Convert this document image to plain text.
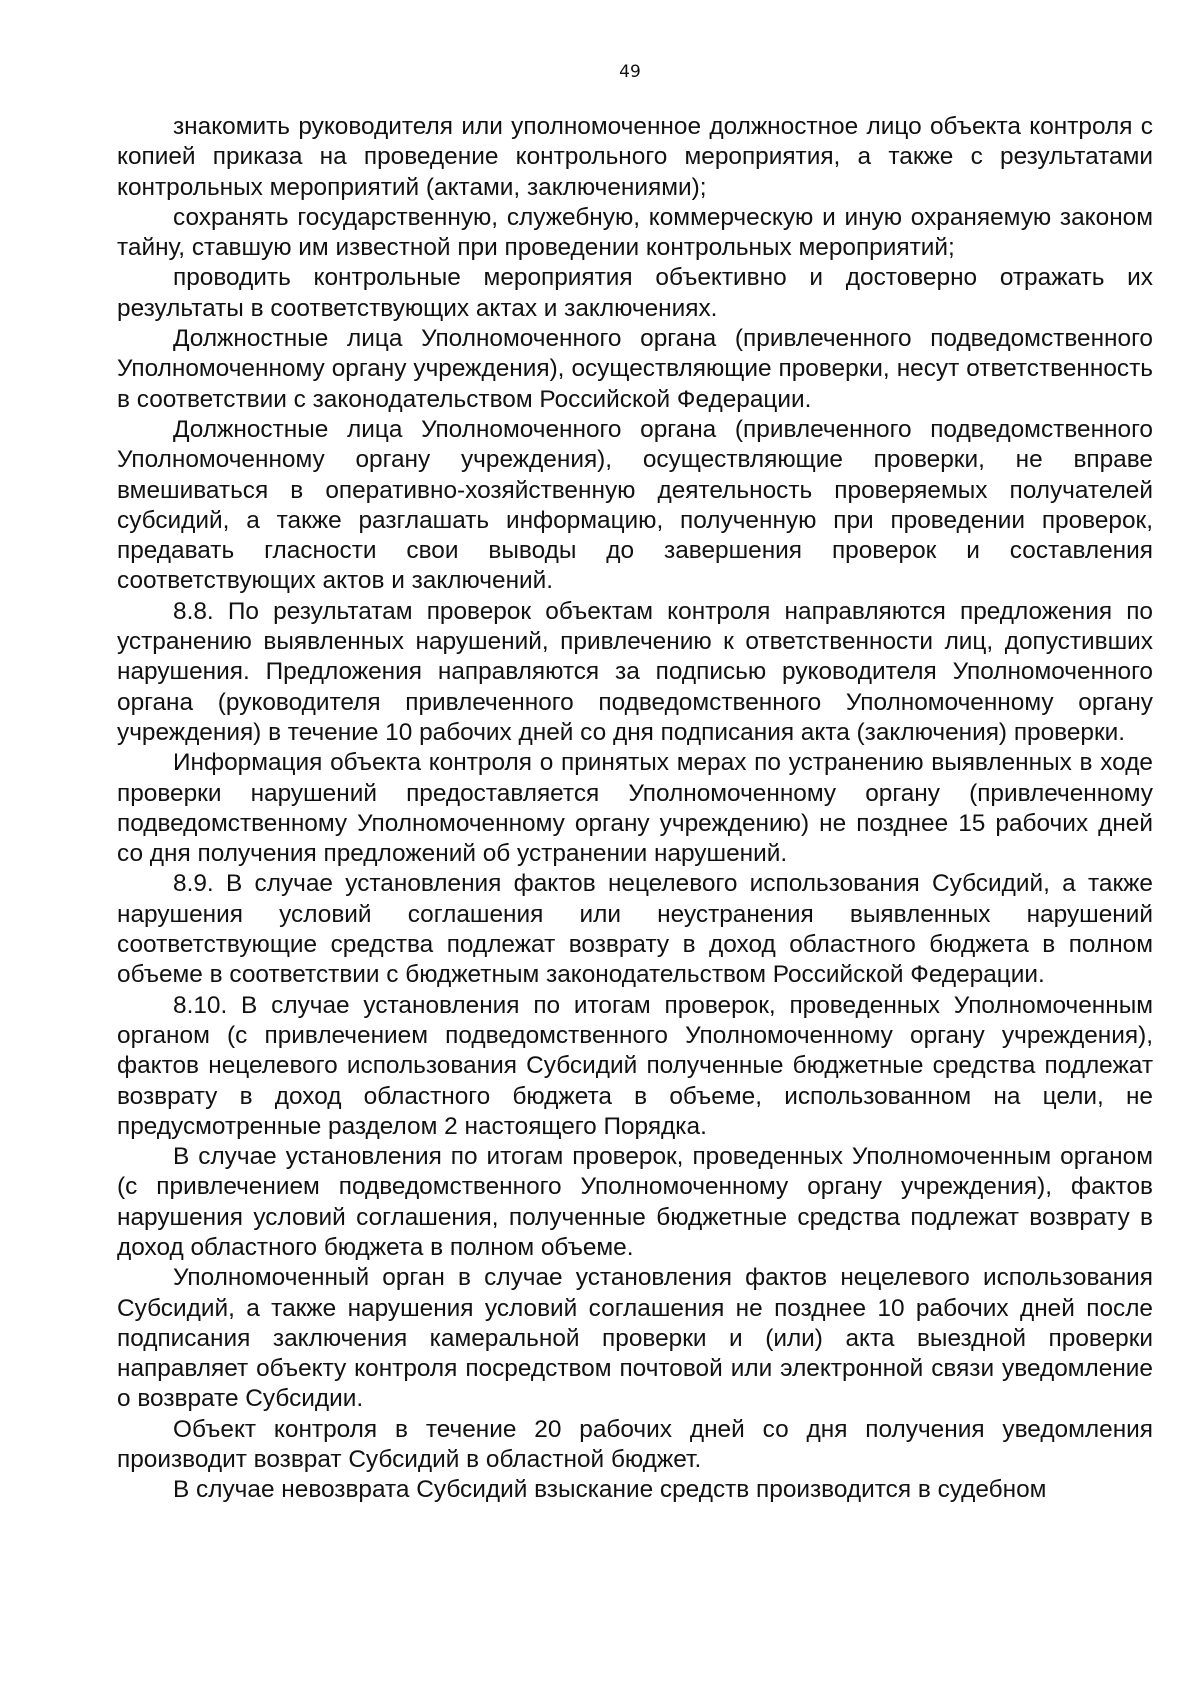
49

знакомить руководителя или уполномоченное должностное лицо объекта контроля с копией приказа на проведение контрольного мероприятия, а также с результатами контрольных мероприятий (актами, заключениями);

сохранять государственную, служебную, коммерческую и иную охраняемую законом тайну, ставшую им известной при проведении контрольных мероприятий;

проводить контрольные мероприятия объективно и достоверно отражать их результаты в соответствующих актах и заключениях.

Должностные лица Уполномоченного органа (привлеченного подведомственного Уполномоченному органу учреждения), осуществляющие проверки, несут ответственность в соответствии с законодательством Российской Федерации.

Должностные лица Уполномоченного органа (привлеченного подведомственного Уполномоченному органу учреждения), осуществляющие проверки, не вправе вмешиваться в оперативно-хозяйственную деятельность проверяемых получателей субсидий, а также разглашать информацию, полученную при проведении проверок, предавать гласности свои выводы до завершения проверок и составления соответствующих актов и заключений.

8.8. По результатам проверок объектам контроля направляются предложения по устранению выявленных нарушений, привлечению к ответственности лиц, допустивших нарушения. Предложения направляются за подписью руководителя Уполномоченного органа (руководителя привлеченного подведомственного Уполномоченному органу учреждения) в течение 10 рабочих дней со дня подписания акта (заключения) проверки.

Информация объекта контроля о принятых мерах по устранению выявленных в ходе проверки нарушений предоставляется Уполномоченному органу (привлеченному подведомственному Уполномоченному органу учреждению) не позднее 15 рабочих дней со дня получения предложений об устранении нарушений.

8.9. В случае установления фактов нецелевого использования Субсидий, а также нарушения условий соглашения или неустранения выявленных нарушений соответствующие средства подлежат возврату в доход областного бюджета в полном объеме в соответствии с бюджетным законодательством Российской Федерации.

8.10. В случае установления по итогам проверок, проведенных Уполномоченным органом (с привлечением подведомственного Уполномоченному органу учреждения), фактов нецелевого использования Субсидий полученные бюджетные средства подлежат возврату в доход областного бюджета в объеме, использованном на цели, не предусмотренные разделом 2 настоящего Порядка.

В случае установления по итогам проверок, проведенных Уполномоченным органом (с привлечением подведомственного Уполномоченному органу учреждения), фактов нарушения условий соглашения, полученные бюджетные средства подлежат возврату в доход областного бюджета в полном объеме.

Уполномоченный орган в случае установления фактов нецелевого использования Субсидий, а также нарушения условий соглашения не позднее 10 рабочих дней после подписания заключения камеральной проверки и (или) акта выездной проверки направляет объекту контроля посредством почтовой или электронной связи уведомление о возврате Субсидии.

Объект контроля в течение 20 рабочих дней со дня получения уведомления производит возврат Субсидий в областной бюджет.

В случае невозврата Субсидий взыскание средств производится в судебном
